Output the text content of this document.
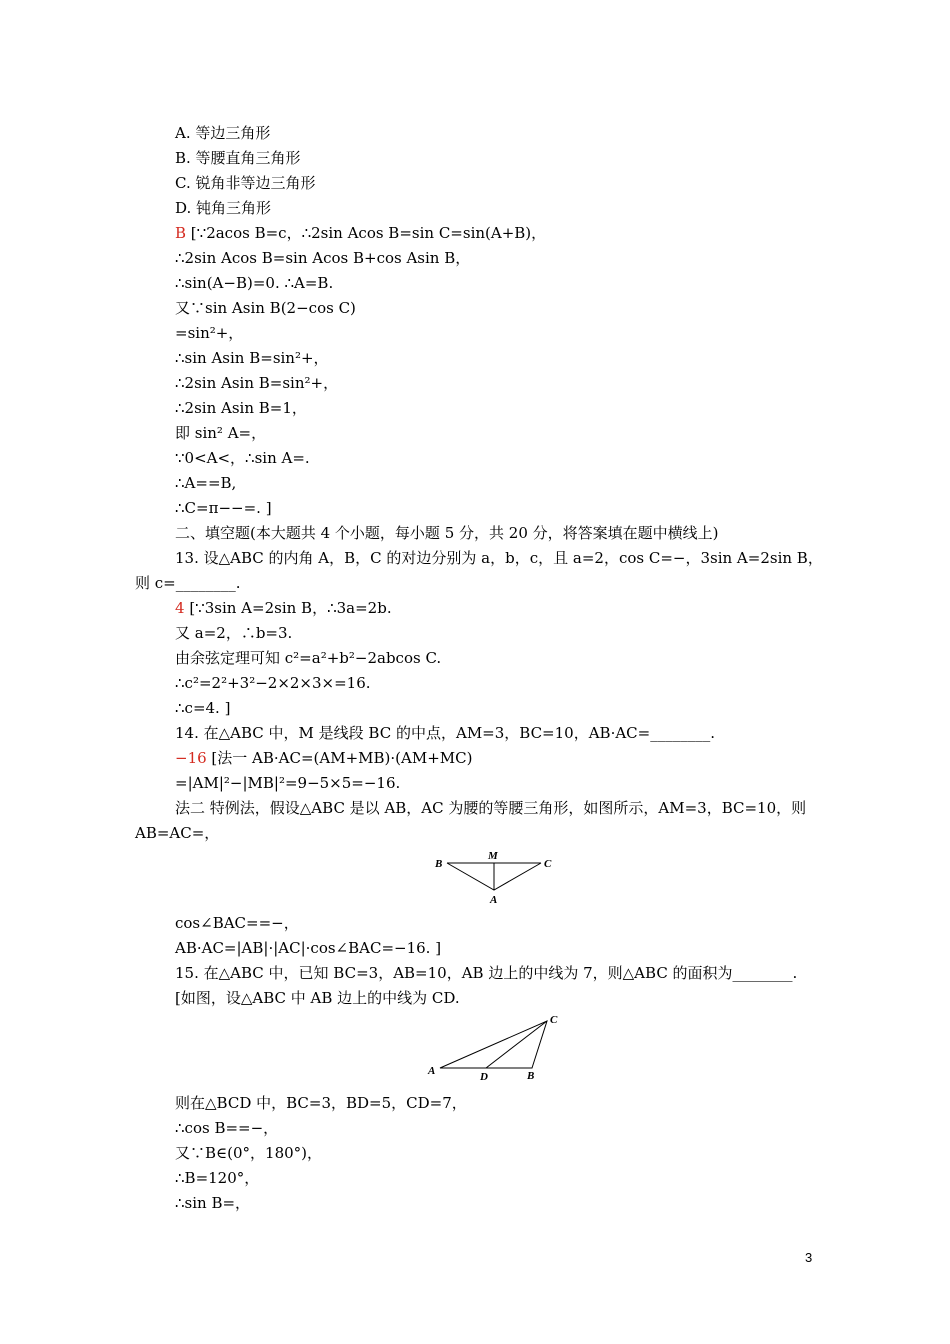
A. 等边三角形
B. 等腰直角三角形
C. 锐角非等边三角形
D. 钝角三角形
B [∵2acos B=c，∴2sin Acos B=sin C=sin(A+B)，
∴2sin Acos B=sin Acos B+cos Asin B，
∴sin(A−B)=0. ∴A=B.
又∵sin Asin B(2−cos C)
=sin²+，
∴sin Asin B=sin²+，
∴2sin Asin B=sin²+，
∴2sin Asin B=1，
即 sin² A=，
∵0<A<，∴sin A=.
∴A==B,
∴C=π−−=. ]
二、填空题(本大题共 4 个小题，每小题 5 分，共 20 分，将答案填在题中横线上)
13. 设△ABC 的内角 A，B，C 的对边分别为 a，b，c，且 a=2，cos C=−，3sin A=2sin B，
则 c=________.
4 [∵3sin A=2sin B，∴3a=2b.
又 a=2，∴b=3.
由余弦定理可知 c²=a²+b²−2abcos C.
∴c²=2²+3²−2×2×3×=16.
∴c=4. ]
14. 在△ABC 中，M 是线段 BC 的中点，AM=3，BC=10，AB·AC=________.
−16 [法一 AB·AC=(AM+MB)·(AM+MC)
=|AM|²−|MB|²=9−5×5=−16.
法二 特例法，假设△ABC 是以 AB，AC 为腰的等腰三角形，如图所示，AM=3，BC=10，则
AB=AC=，
cos∠BAC==−，
AB·AC=|AB|·|AC|·cos∠BAC=−16. ]
15. 在△ABC 中，已知 BC=3，AB=10，AB 边上的中线为 7，则△ABC 的面积为________.
[如图，设△ABC 中 AB 边上的中线为 CD.
则在△BCD 中，BC=3，BD=5，CD=7，
∴cos B==−，
又∵B∈(0°，180°)，
∴B=120°，
∴sin B=，
B
M
C
A
A	D	B
C
3
